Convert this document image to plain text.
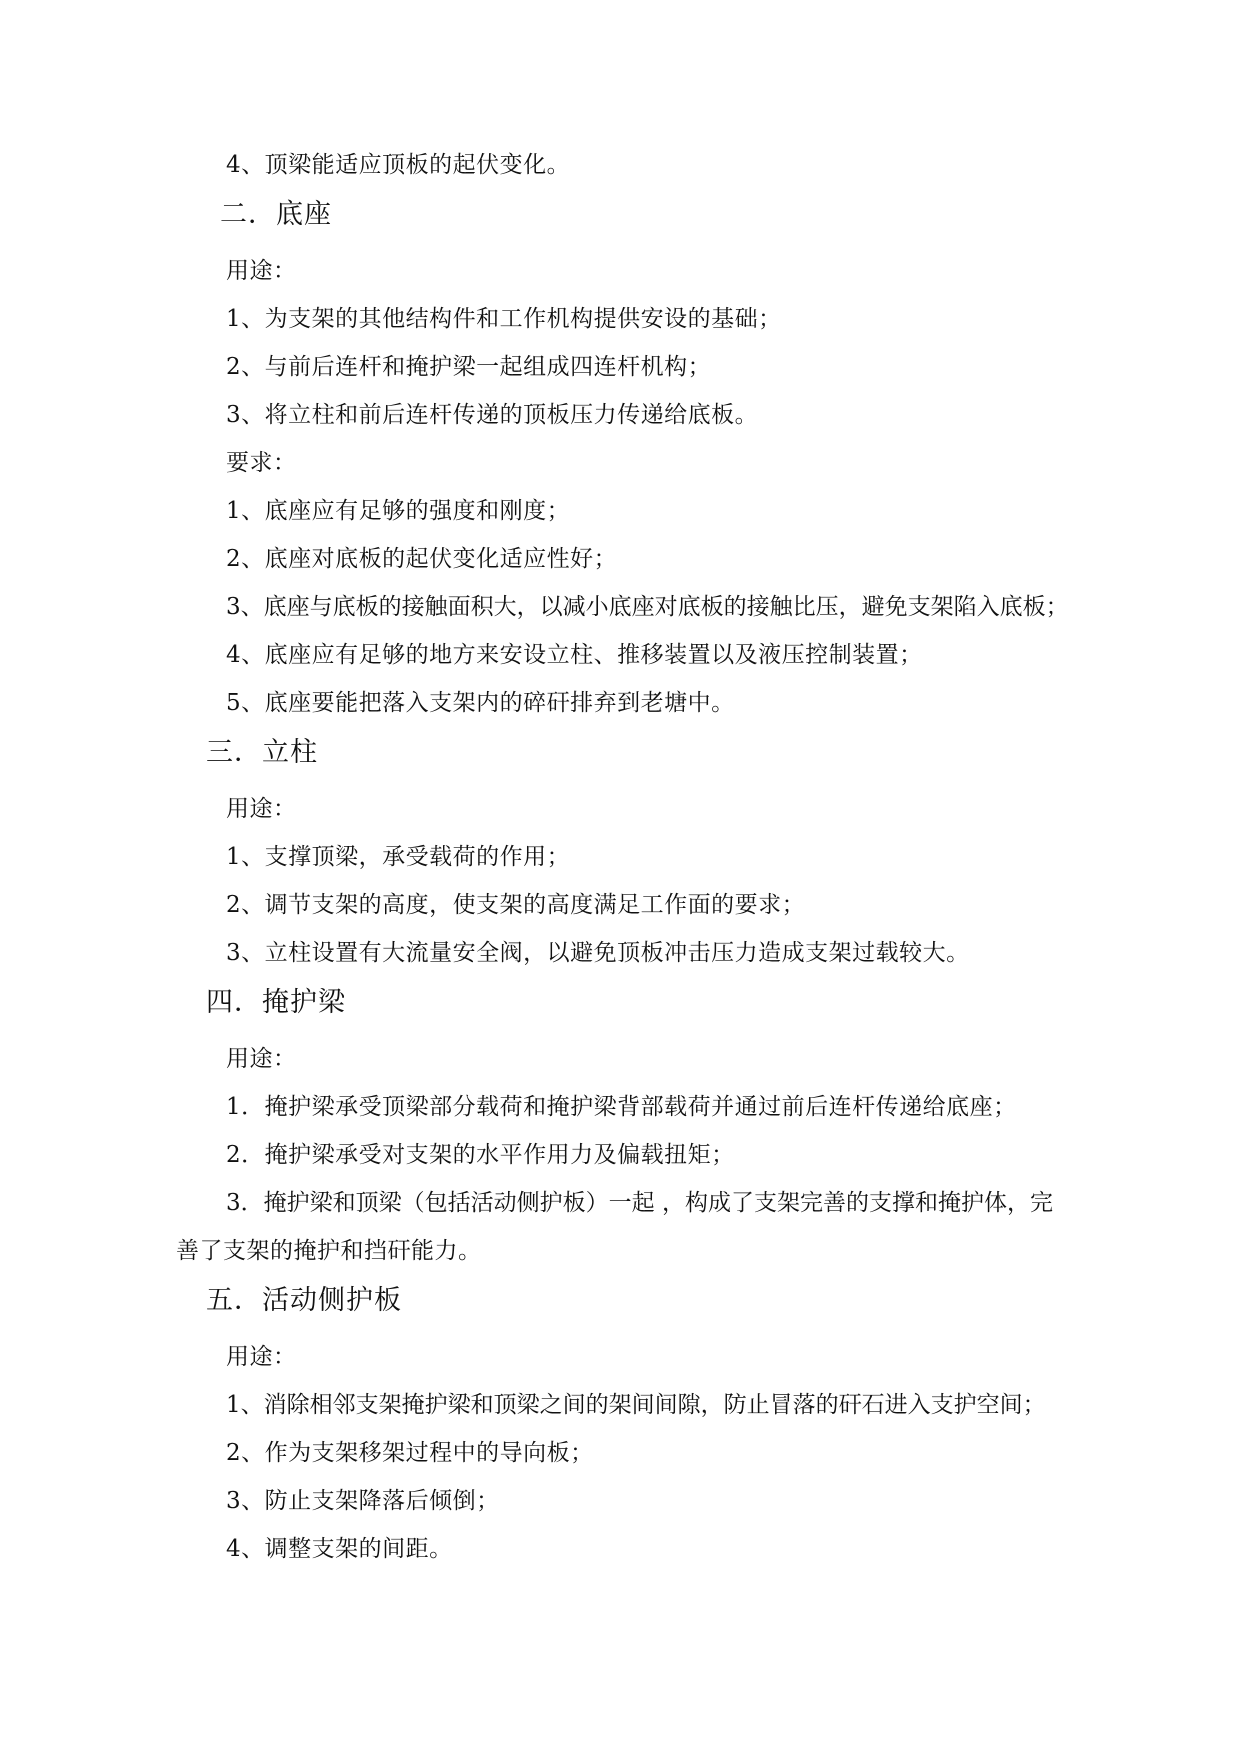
4、顶梁能适应顶板的起伏变化。
二．底座
用途：
1、为支架的其他结构件和工作机构提供安设的基础；
2、与前后连杆和掩护梁一起组成四连杆机构；
3、将立柱和前后连杆传递的顶板压力传递给底板。
要求：
1、底座应有足够的强度和刚度；
2、底座对底板的起伏变化适应性好；
3、底座与底板的接触面积大，以减小底座对底板的接触比压，避免支架陷入底板；
4、底座应有足够的地方来安设立柱、推移装置以及液压控制装置；
5、底座要能把落入支架内的碎矸排弃到老塘中。
三．立柱
用途：
1、支撑顶梁，承受载荷的作用；
2、调节支架的高度，使支架的高度满足工作面的要求；
3、立柱设置有大流量安全阀，以避免顶板冲击压力造成支架过载较大。
四．掩护梁
用途：
1．掩护梁承受顶梁部分载荷和掩护梁背部载荷并通过前后连杆传递给底座；
2．掩护梁承受对支架的水平作用力及偏载扭矩；
3．掩护梁和顶梁（包括活动侧护板）一起 ，构成了支架完善的支撑和掩护体，完
善了支架的掩护和挡矸能力。
五．活动侧护板
用途：
1、消除相邻支架掩护梁和顶梁之间的架间间隙，防止冒落的矸石进入支护空间；
2、作为支架移架过程中的导向板；
3、防止支架降落后倾倒；
4、调整支架的间距。
